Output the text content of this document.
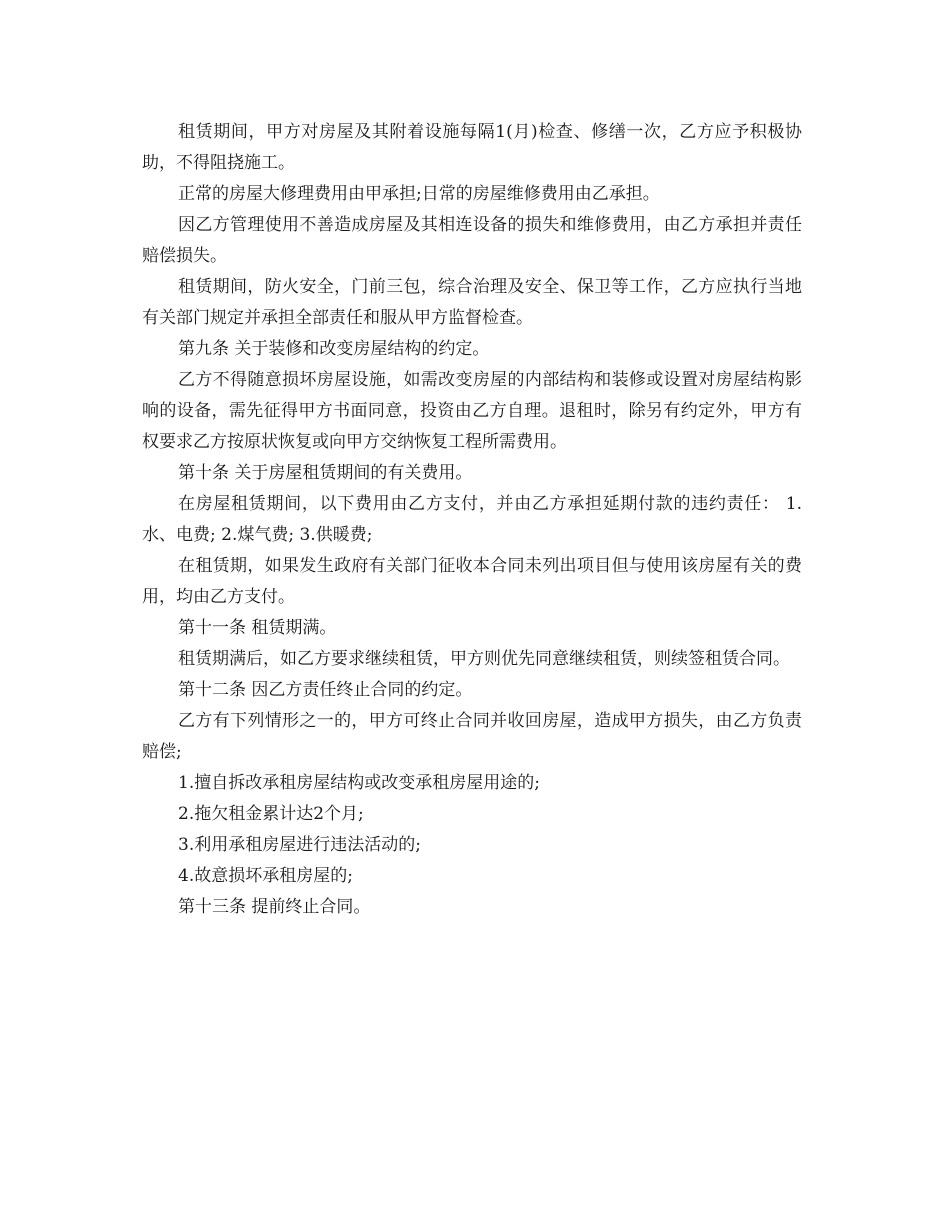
租赁期间，甲方对房屋及其附着设施每隔1(月)检查、修缮一次，乙方应予积极协助，不得阻挠施工。

正常的房屋大修理费用由甲承担;日常的房屋维修费用由乙承担。

因乙方管理使用不善造成房屋及其相连设备的损失和维修费用，由乙方承担并责任赔偿损失。

租赁期间，防火安全，门前三包，综合治理及安全、保卫等工作，乙方应执行当地有关部门规定并承担全部责任和服从甲方监督检查。

第九条 关于装修和改变房屋结构的约定。

乙方不得随意损坏房屋设施，如需改变房屋的内部结构和装修或设置对房屋结构影响的设备，需先征得甲方书面同意，投资由乙方自理。退租时，除另有约定外，甲方有权要求乙方按原状恢复或向甲方交纳恢复工程所需费用。

第十条 关于房屋租赁期间的有关费用。

在房屋租赁期间，以下费用由乙方支付，并由乙方承担延期付款的违约责任： 1.水、电费; 2.煤气费; 3.供暖费;

在租赁期，如果发生政府有关部门征收本合同未列出项目但与使用该房屋有关的费用，均由乙方支付。

第十一条 租赁期满。

租赁期满后，如乙方要求继续租赁，甲方则优先同意继续租赁，则续签租赁合同。

第十二条 因乙方责任终止合同的约定。

乙方有下列情形之一的，甲方可终止合同并收回房屋，造成甲方损失，由乙方负责赔偿;

1.擅自拆改承租房屋结构或改变承租房屋用途的;

2.拖欠租金累计达2个月;

3.利用承租房屋进行违法活动的;

4.故意损坏承租房屋的;

第十三条 提前终止合同。
